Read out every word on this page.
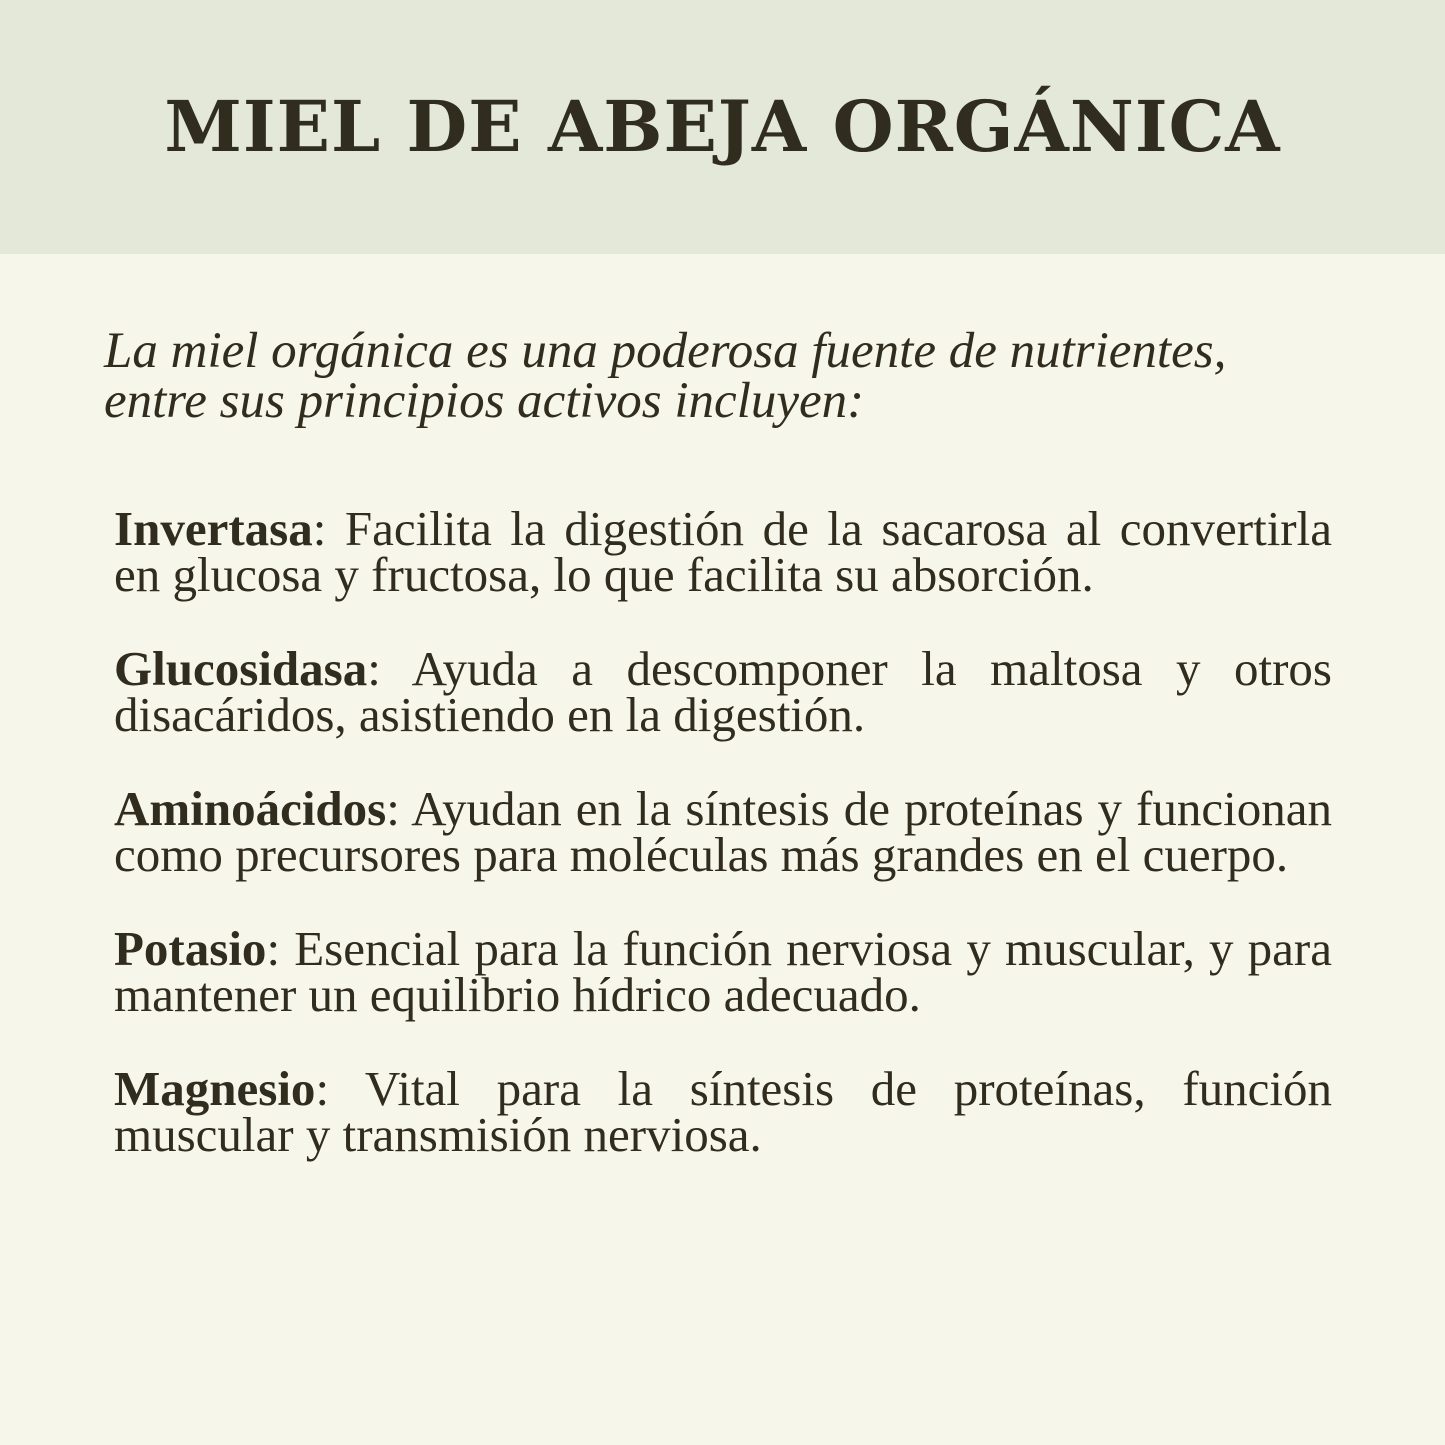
MIEL DE ABEJA ORGÁNICA

La miel orgánica es una poderosa fuente de nutrientes,
entre sus principios activos incluyen:

Invertasa: Facilita la digestión de la sacarosa al convertirla en glucosa y fructosa, lo que facilita su absorción.

Glucosidasa: Ayuda a descomponer la maltosa y otros disacáridos, asistiendo en la digestión.

Aminoácidos: Ayudan en la síntesis de proteínas y funcionan como precursores para moléculas más grandes en el cuerpo.

Potasio: Esencial para la función nerviosa y muscular, y para mantener un equilibrio hídrico adecuado.

Magnesio: Vital para la síntesis de proteínas, función muscular y transmisión nerviosa.
